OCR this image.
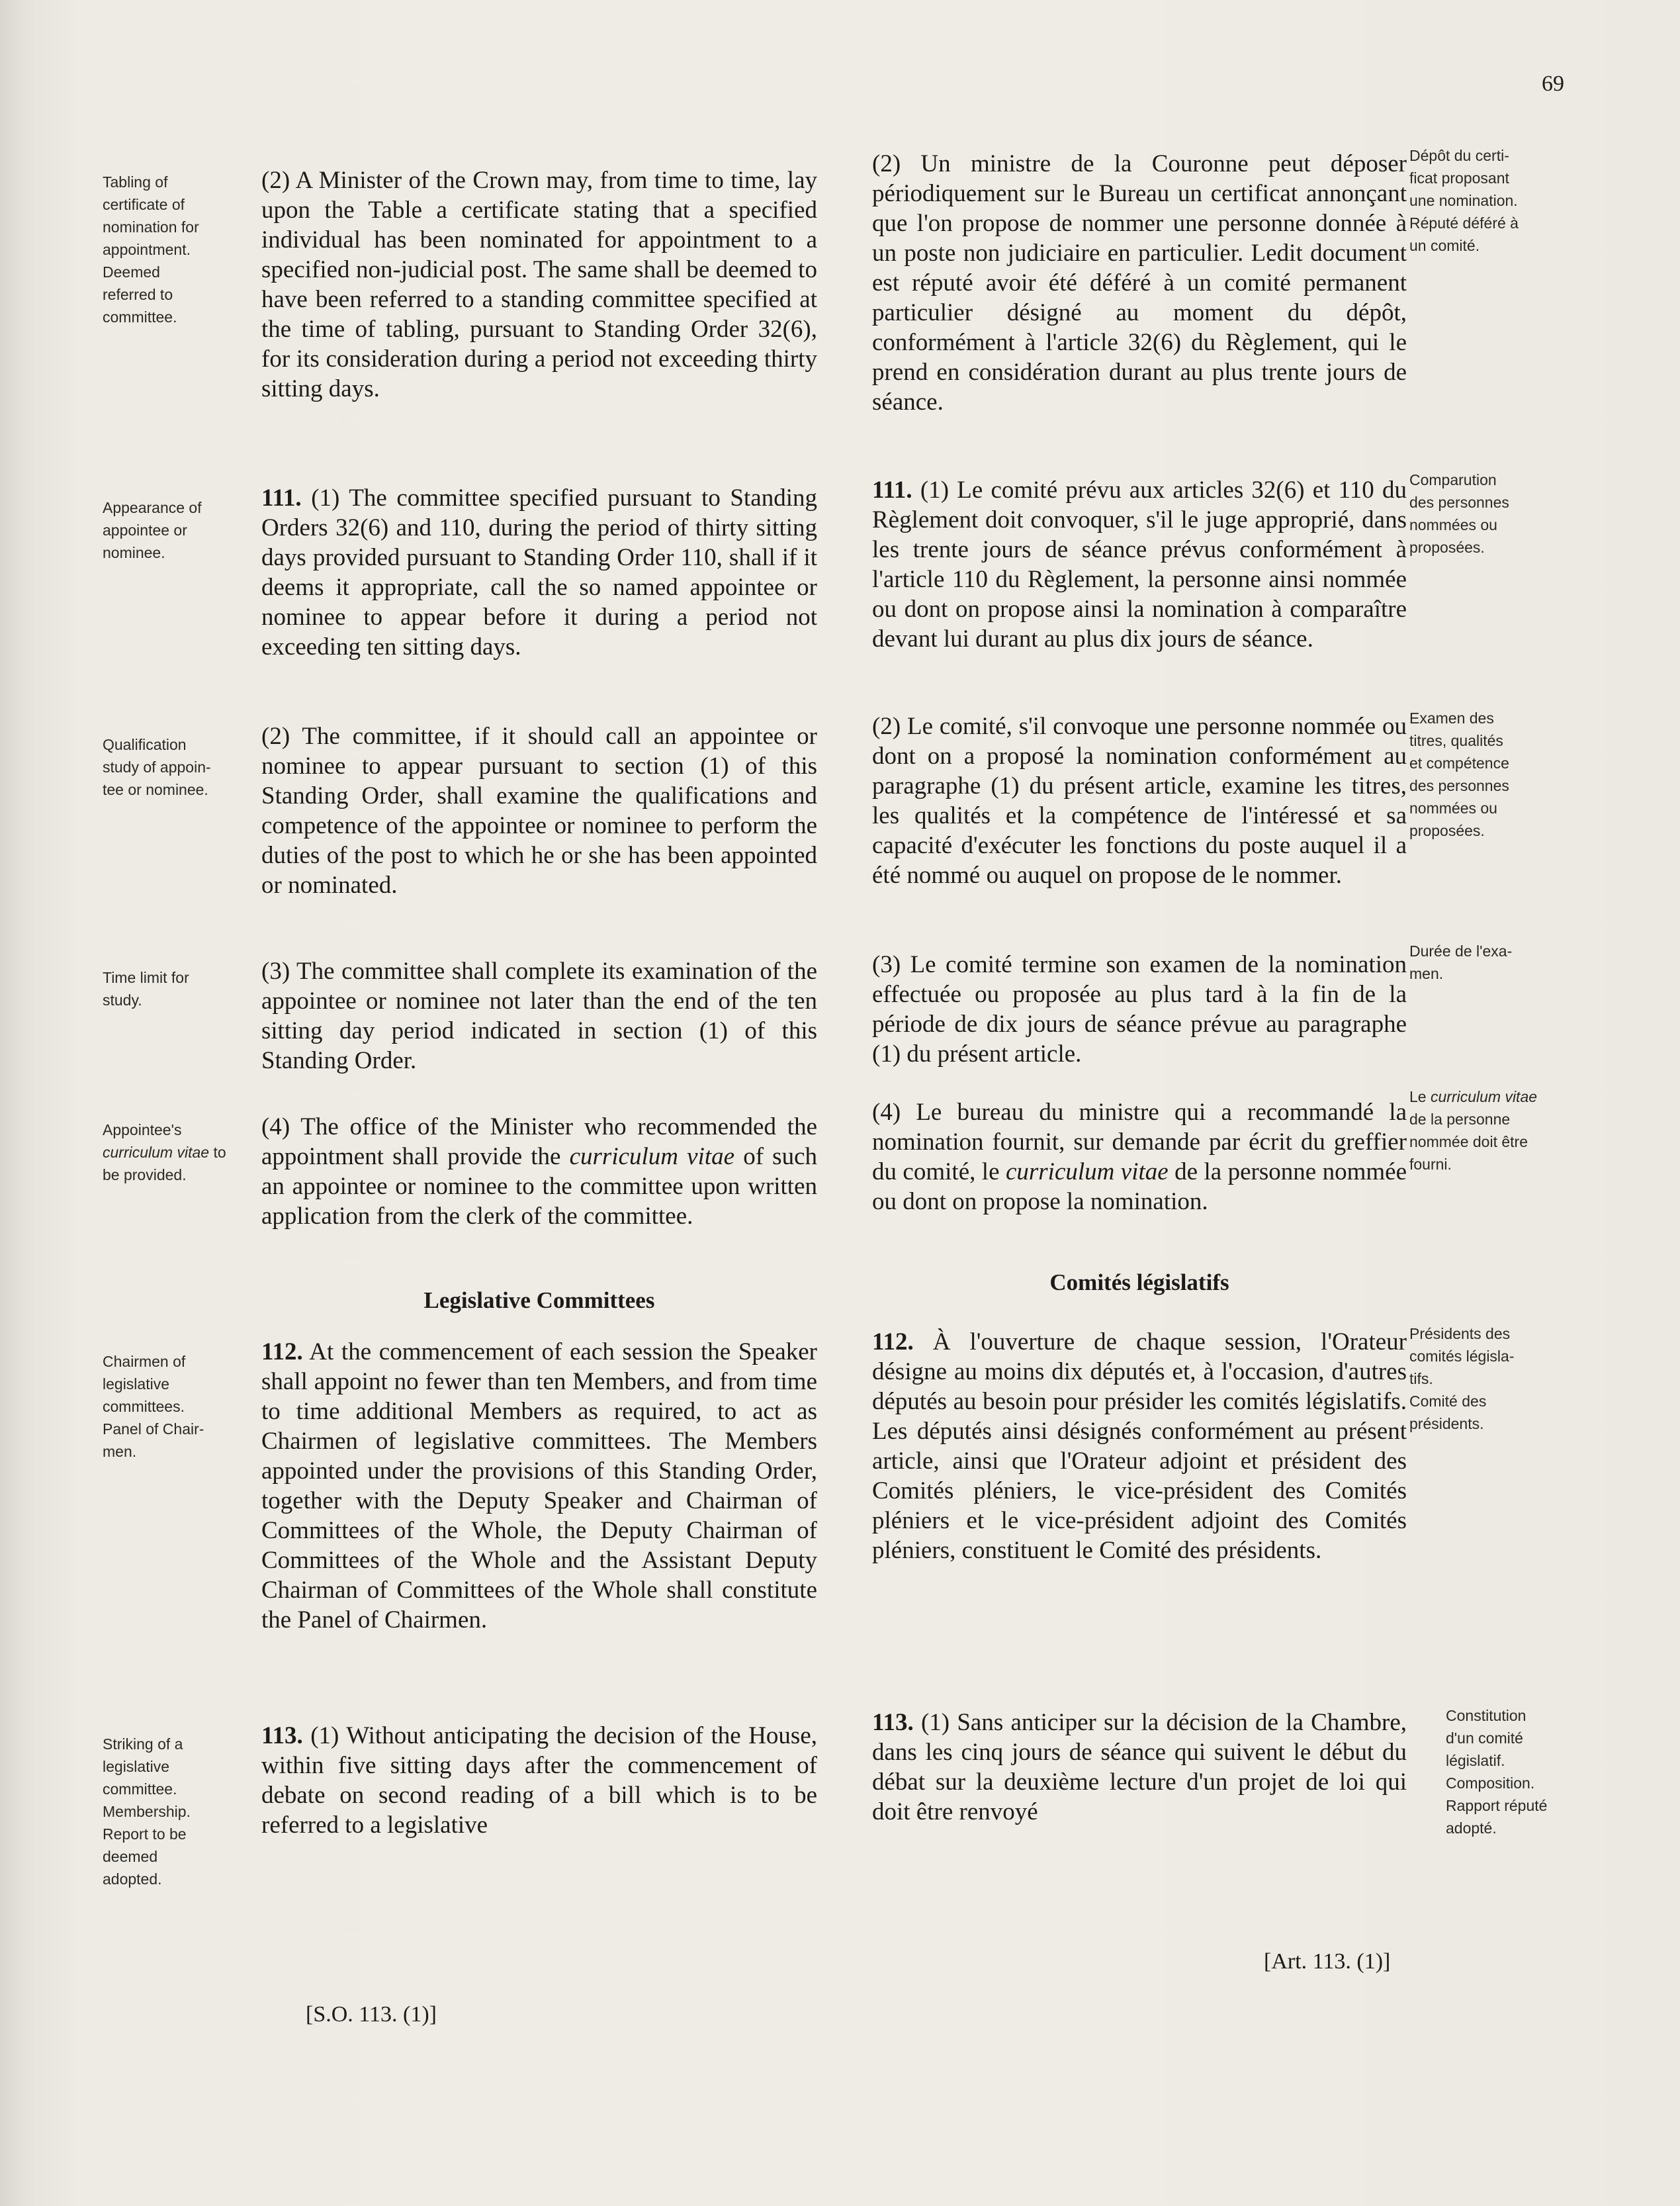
69
Tabling of
certificate of
nomination for
appointment.
Deemed
referred to
committee.
Appearance of
appointee or
nominee.
Qualification
study of appoin-
tee or nominee.
Time limit for
study.
Appointee's curriculum vitae to be provided.
Chairmen of
legislative
committees.
Panel of Chair-
men.
Striking of a
legislative
committee.
Membership.
Report to be
deemed
adopted.

(2) A Minister of the Crown may, from time to time, lay upon the Table a certificate stating that a specified individual has been nominated for appointment to a specified non-judicial post. The same shall be deemed to have been referred to a standing committee specified at the time of tabling, pursuant to Standing Order 32(6), for its consideration during a period not exceeding thirty sitting days.

111. (1) The committee specified pursuant to Standing Orders 32(6) and 110, during the period of thirty sitting days provided pursuant to Standing Order 110, shall if it deems it appropriate, call the so named appointee or nominee to appear before it during a period not exceeding ten sitting days.

(2) The committee, if it should call an appointee or nominee to appear pursuant to section (1) of this Standing Order, shall examine the qualifications and competence of the appointee or nominee to perform the duties of the post to which he or she has been appointed or nominated.

(3) The committee shall complete its examination of the appointee or nominee not later than the end of the ten sitting day period indicated in section (1) of this Standing Order.

(4) The office of the Minister who recommended the appointment shall provide the curriculum vitae of such an appointee or nominee to the committee upon written application from the clerk of the committee.

Legislative Committees

112. At the commencement of each session the Speaker shall appoint no fewer than ten Members, and from time to time additional Members as required, to act as Chairmen of legislative committees. The Members appointed under the provisions of this Standing Order, together with the Deputy Speaker and Chairman of Committees of the Whole, the Deputy Chairman of Committees of the Whole and the Assistant Deputy Chairman of Committees of the Whole shall constitute the Panel of Chairmen.

113. (1) Without anticipating the decision of the House, within five sitting days after the commencement of debate on second reading of a bill which is to be referred to a legislative

[S.O. 113. (1)]

(2) Un ministre de la Couronne peut déposer périodiquement sur le Bureau un certificat annonçant que l'on propose de nommer une personne donnée à un poste non judiciaire en particulier. Ledit document est réputé avoir été déféré à un comité permanent particulier désigné au moment du dépôt, conformément à l'article 32(6) du Règlement, qui le prend en considération durant au plus trente jours de séance.

111. (1) Le comité prévu aux articles 32(6) et 110 du Règlement doit convoquer, s'il le juge approprié, dans les trente jours de séance prévus conformément à l'article 110 du Règlement, la personne ainsi nommée ou dont on propose ainsi la nomination à comparaître devant lui durant au plus dix jours de séance.

(2) Le comité, s'il convoque une personne nommée ou dont on a proposé la nomination conformément au paragraphe (1) du présent article, examine les titres, les qualités et la compétence de l'intéressé et sa capacité d'exécuter les fonctions du poste auquel il a été nommé ou auquel on propose de le nommer.

(3) Le comité termine son examen de la nomination effectuée ou proposée au plus tard à la fin de la période de dix jours de séance prévue au paragraphe (1) du présent article.

(4) Le bureau du ministre qui a recommandé la nomination fournit, sur demande par écrit du greffier du comité, le curriculum vitae de la personne nommée ou dont on propose la nomination.

Comités législatifs

112. À l'ouverture de chaque session, l'Orateur désigne au moins dix députés et, à l'occasion, d'autres députés au besoin pour présider les comités législatifs. Les députés ainsi désignés conformément au présent article, ainsi que l'Orateur adjoint et président des Comités pléniers, le vice-président des Comités pléniers et le vice-président adjoint des Comités pléniers, constituent le Comité des présidents.

113. (1) Sans anticiper sur la décision de la Chambre, dans les cinq jours de séance qui suivent le début du débat sur la deuxième lecture d'un projet de loi qui doit être renvoyé

[Art. 113. (1)]
Dépôt du certi-
ficat proposant
une nomination.
Réputé déféré à
un comité.
Comparution
des personnes
nommées ou
proposées.
Examen des
titres, qualités
et compétence
des personnes
nommées ou
proposées.
Durée de l'exa-
men.
Le curriculum vitae de la personne nommée doit être fourni.
Présidents des
comités législa-
tifs.
Comité des
présidents.
Constitution
d'un comité
législatif.
Composition.
Rapport réputé
adopté.
